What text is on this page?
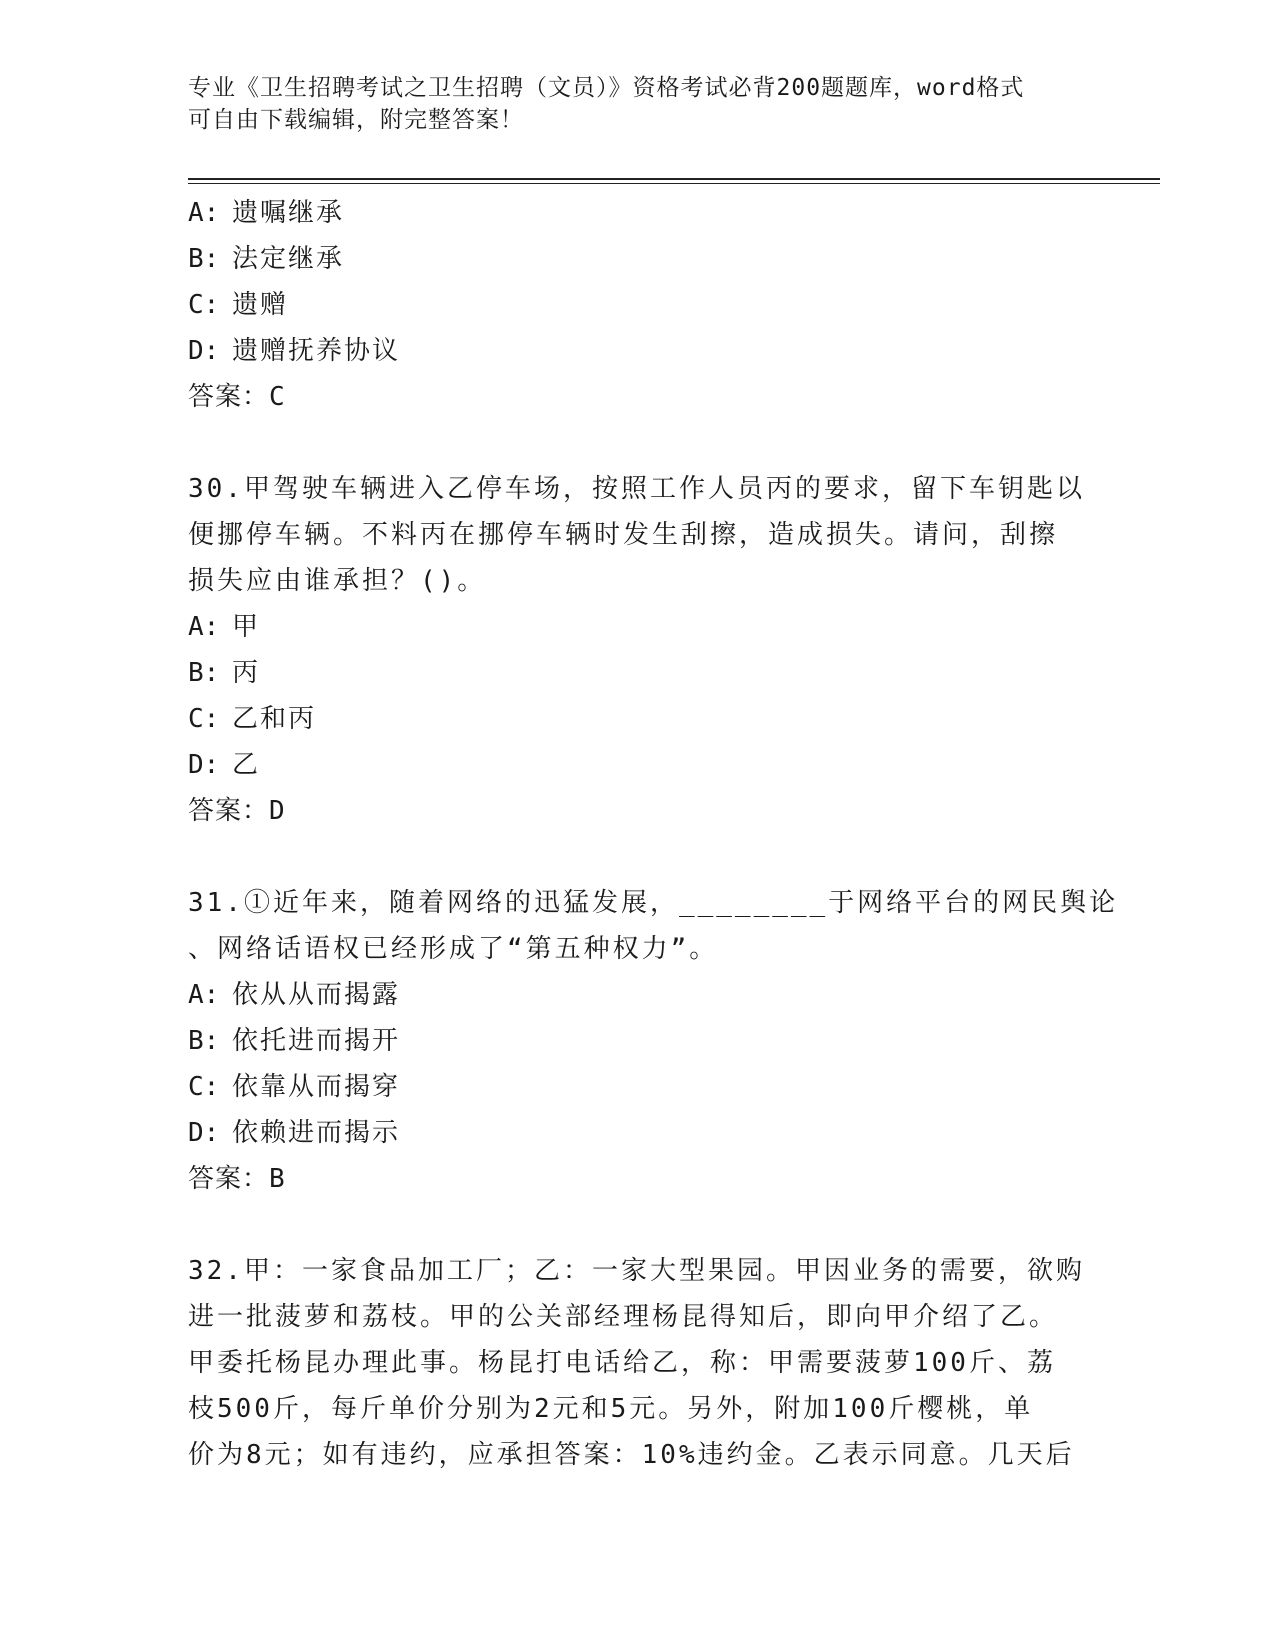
专业《卫生招聘考试之卫生招聘（文员）》资格考试必背200题题库，word格式
可自由下载编辑，附完整答案！
A: 遗嘱继承
B: 法定继承
C: 遗赠
D: 遗赠抚养协议
答案：C
30.甲驾驶车辆进入乙停车场，按照工作人员丙的要求，留下车钥匙以
便挪停车辆。不料丙在挪停车辆时发生刮擦，造成损失。请问，刮擦
损失应由谁承担？()。
A: 甲
B: 丙
C: 乙和丙
D: 乙
答案：D
31.①近年来，随着网络的迅猛发展，________于网络平台的网民舆论
、网络话语权已经形成了“第五种权力”。
A: 依从从而揭露
B: 依托进而揭开
C: 依靠从而揭穿
D: 依赖进而揭示
答案：B
32.甲：一家食品加工厂；乙：一家大型果园。甲因业务的需要，欲购
进一批菠萝和荔枝。甲的公关部经理杨昆得知后，即向甲介绍了乙。
甲委托杨昆办理此事。杨昆打电话给乙，称：甲需要菠萝100斤、荔
枝500斤，每斤单价分别为2元和5元。另外，附加100斤樱桃，单
价为8元；如有违约，应承担答案：10%违约金。乙表示同意。几天后
